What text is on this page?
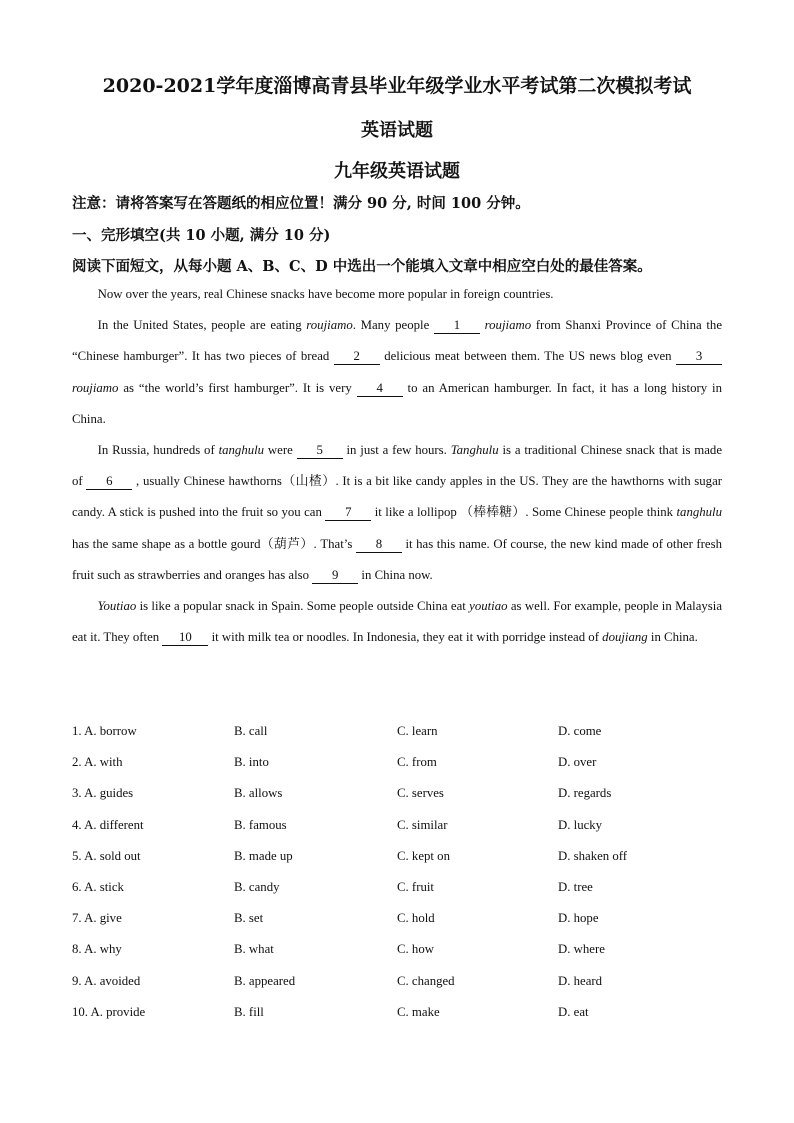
2020-2021学年度淄博高青县毕业年级学业水平考试第二次模拟考试
英语试题
九年级英语试题
注意：请将答案写在答题纸的相应位置！满分 90 分, 时间 100 分钟。
一、完形填空(共 10 小题, 满分 10 分)
阅读下面短文，从每小题 A、B、C、D 中选出一个能填入文章中相应空白处的最佳答案。

Now over the years, real Chinese snacks have become more popular in foreign countries.

In the United States, people are eating roujiamo. Many people 1 roujiamo from Shanxi Province of China the “Chinese hamburger”. It has two pieces of bread 2 delicious meat between them. The US news blog even 3 roujiamo as “the world’s first hamburger”. It is very 4 to an American hamburger. In fact, it has a long history in China.

In Russia, hundreds of tanghulu were 5 in just a few hours. Tanghulu is a traditional Chinese snack that is made of 6 , usually Chinese hawthorns（山楂）. It is a bit like candy apples in the US. They are the hawthorns with sugar candy. A stick is pushed into the fruit so you can 7 it like a lollipop （棒棒糖）. Some Chinese people think tanghulu has the same shape as a bottle gourd（葫芦）. That’s 8 it has this name. Of course, the new kind made of other fresh fruit such as strawberries and oranges has also 9 in China now.

Youtiao is like a popular snack in Spain. Some people outside China eat youtiao as well. For example, people in Malaysia eat it. They often 10 it with milk tea or noodles. In Indonesia, they eat it with porridge instead of doujiang in China.

1. A. borrow	B. call	C. learn	D. come
2. A. with	B. into	C. from	D. over
3. A. guides	B. allows	C. serves	D. regards
4. A. different	B. famous	C. similar	D. lucky
5. A. sold out	B. made up	C. kept on	D. shaken off
6. A. stick	B. candy	C. fruit	D. tree
7. A. give	B. set	C. hold	D. hope
8. A. why	B. what	C. how	D. where
9. A. avoided	B. appeared	C. changed	D. heard
10. A. provide	B. fill	C. make	D. eat
